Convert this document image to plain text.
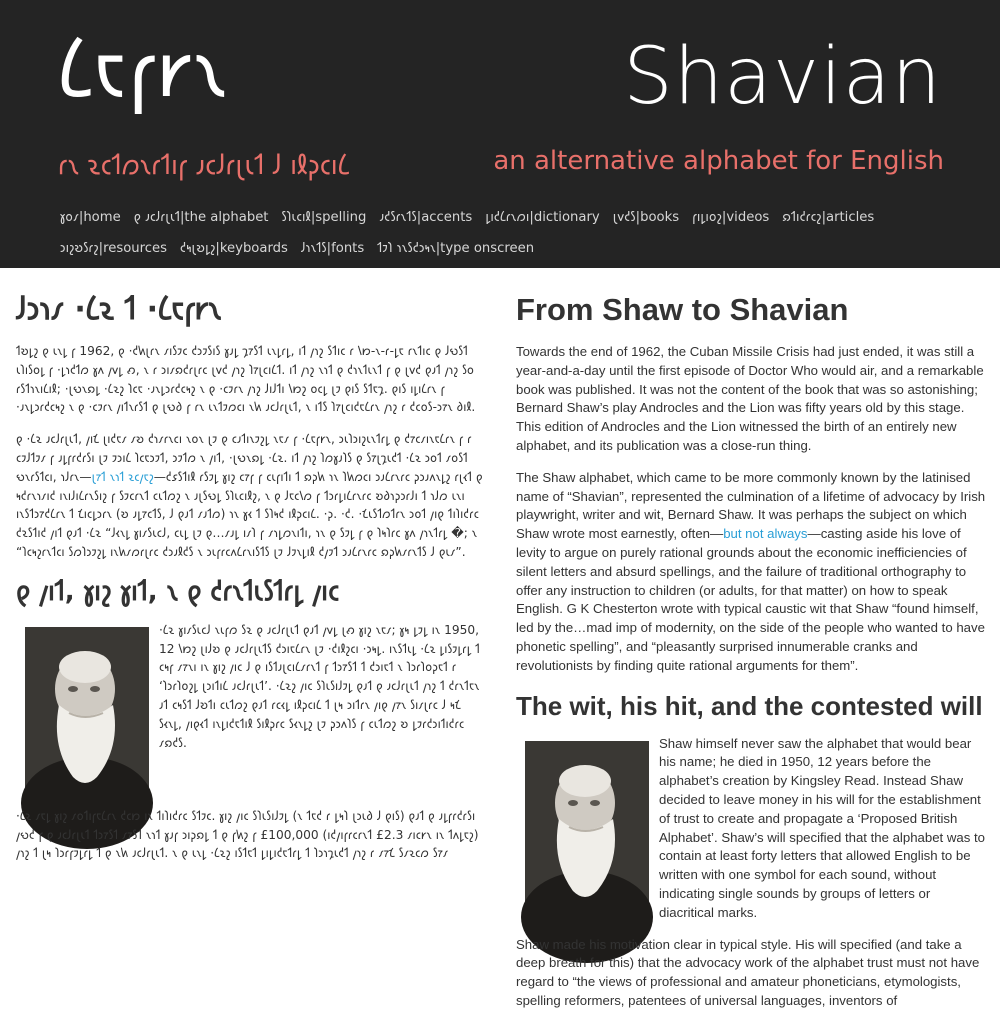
𐑖𐑱𐑝𐑾𐑯	Shavian
𐑩𐑯 𐑷𐑤𐑑𐑼𐑯𐑩𐑑𐑦𐑝 𐑨𐑤𐑓𐑩𐑚𐑧𐑑 𐑓 𐑦𐑙𐑜𐑤𐑦𐑖	an alternative alphabet for English
𐑣𐑴𐑥|home 𐑞 𐑨𐑤𐑓𐑩𐑚𐑧𐑑|the alphabet 𐑕𐑐𐑧𐑤𐑦𐑙|spelling 𐑨𐑒𐑕𐑩𐑯𐑑𐑕|accents 𐑛𐑦𐑒𐑖𐑩𐑯𐑼𐑦|dictionary 𐑚𐑫𐑒𐑕|books 𐑝𐑦𐑛𐑦𐑴𐑟|videos 𐑸𐑑𐑦𐑒𐑩𐑤𐑟|articles
𐑮𐑦𐑟𐑹𐑕𐑩𐑟|resources 𐑒𐑰𐑚𐑹𐑛𐑟|keyboards 𐑓𐑪𐑯𐑑𐑕|fonts 𐑑𐑲𐑐 𐑪𐑯𐑕𐑒𐑮𐑰𐑯|type onscreen
𐑓𐑮𐑪𐑥 ·𐑖𐑷 𐑑 ·𐑖𐑱𐑝𐑾𐑯

𐑑𐑹𐑛𐑟 𐑞 𐑧𐑯𐑛 𐑝 1962, 𐑞 ·𐑒𐑿𐑚𐑩𐑯 𐑥𐑦𐑕𐑲𐑤 𐑒𐑮𐑲𐑕𐑦𐑕 𐑣𐑨𐑛 𐑡𐑳𐑕𐑑 𐑧𐑯𐑛𐑩𐑛, 𐑦𐑑 𐑢𐑪𐑟 𐑕𐑑𐑦𐑤 𐑩 𐑘𐑽-𐑯-𐑩-𐑛𐑱 𐑩𐑯𐑑𐑦𐑤 𐑞 𐑓𐑻𐑕𐑑 𐑧𐑐𐑦𐑕𐑴𐑛 𐑝 ·𐑛𐑪𐑒𐑑𐑼 𐑣𐑵 𐑢𐑫𐑛 𐑺, 𐑯 𐑩 𐑮𐑦𐑥𐑸𐑒𐑩𐑚𐑩𐑤 𐑚𐑫𐑒 𐑢𐑪𐑟 𐑐𐑳𐑚𐑤𐑦𐑖𐑑. 𐑦𐑑 𐑢𐑪𐑟 𐑯𐑪𐑑 𐑞 𐑒𐑪𐑯𐑑𐑧𐑯𐑑 𐑝 𐑞 𐑚𐑫𐑒 𐑞𐑨𐑑 𐑢𐑪𐑟 𐑕𐑴 𐑩𐑕𐑑𐑪𐑯𐑦𐑖𐑦𐑙; ·𐑚𐑻𐑯𐑸𐑛 ·𐑖𐑷𐑟 𐑐𐑤𐑱 ·𐑨𐑯𐑛𐑮𐑩𐑒𐑤𐑰𐑟 𐑯 𐑞 ·𐑤𐑲𐑩𐑯 𐑢𐑪𐑟 𐑓𐑦𐑓𐑑𐑦 𐑘𐑽𐑟 𐑴𐑤𐑛 𐑚𐑲 𐑞𐑦𐑕 𐑕𐑑𐑱𐑡. 𐑞𐑦𐑕 𐑦𐑛𐑦𐑖𐑩𐑯 𐑝 ·𐑨𐑯𐑛𐑮𐑩𐑒𐑤𐑰𐑟 𐑯 𐑞 ·𐑤𐑲𐑩𐑯 𐑢𐑦𐑑𐑯𐑩𐑕𐑑 𐑞 𐑚𐑻𐑔 𐑝 𐑩𐑯 𐑧𐑯𐑑𐑲𐑼𐑤𐑦 𐑯𐑿 𐑨𐑤𐑓𐑩𐑚𐑧𐑑, 𐑯 𐑦𐑑𐑕 𐑐𐑳𐑚𐑤𐑦𐑒𐑱𐑖𐑩𐑯 𐑢𐑪𐑟 𐑩 𐑒𐑤𐑴𐑕-𐑮𐑳𐑯 𐑔𐑦𐑙.

𐑞 ·𐑖𐑷 𐑨𐑤𐑓𐑩𐑚𐑧𐑑, 𐑢𐑦𐑗 𐑚𐑦𐑒𐑱𐑥 𐑥𐑹 𐑒𐑪𐑥𐑩𐑯𐑤𐑦 𐑯𐑴𐑯 𐑚𐑲 𐑞 𐑤𐑨𐑑𐑦𐑯𐑲𐑟𐑛 𐑯𐑱𐑥 𐑝 ·𐑖𐑱𐑝𐑾𐑯, 𐑮𐑧𐑐𐑮𐑦𐑟𐑧𐑯𐑑𐑩𐑛 𐑞 𐑒𐑳𐑤𐑥𐑦𐑯𐑱𐑖𐑩𐑯 𐑝 𐑩 𐑤𐑲𐑓𐑑𐑲𐑥 𐑝 𐑨𐑛𐑝𐑩𐑒𐑩𐑕𐑦 𐑚𐑲 𐑲𐑮𐑦𐑖 𐑐𐑤𐑱𐑮𐑲𐑑, 𐑮𐑲𐑑𐑼 𐑯 𐑢𐑦𐑑, ·𐑚𐑻𐑯𐑸𐑛 ·𐑖𐑷. 𐑦𐑑 𐑢𐑪𐑟 𐑐𐑼𐑣𐑨𐑐𐑕 𐑞 𐑕𐑳𐑚𐑡𐑧𐑒𐑑 ·𐑖𐑷 𐑮𐑴𐑑 𐑥𐑴𐑕𐑑 𐑻𐑯𐑩𐑕𐑑𐑤𐑦, 𐑪𐑓𐑩𐑯—𐑚𐑳𐑑 𐑯𐑪𐑑 𐑷𐑤𐑢𐑱𐑟—𐑒𐑭𐑕𐑑𐑦𐑙 𐑩𐑕𐑲𐑛 𐑣𐑦𐑟 𐑤𐑳𐑝 𐑝 𐑤𐑧𐑝𐑦𐑑𐑦 𐑑 𐑸𐑜𐑿 𐑪𐑯 𐑐𐑿𐑼𐑤𐑦 𐑮𐑨𐑖𐑩𐑯𐑩𐑤 𐑜𐑮𐑨𐑵𐑯𐑛𐑟 𐑩𐑚𐑬𐑑 𐑞 𐑰𐑒𐑩𐑯𐑪𐑥𐑦𐑒 𐑦𐑯𐑦𐑓𐑦𐑖𐑩𐑯𐑕𐑦𐑟 𐑝 𐑕𐑲𐑤𐑩𐑯𐑑 𐑤𐑧𐑑𐑼𐑟 𐑯 𐑨𐑚𐑕𐑻𐑛 𐑕𐑐𐑧𐑤𐑦𐑙𐑟, 𐑯 𐑞 𐑓𐑱𐑤𐑘𐑼 𐑝 𐑑𐑮𐑩𐑛𐑦𐑖𐑩𐑯𐑩𐑤 𐑹𐑔𐑪𐑜𐑮𐑩𐑓𐑦 𐑑 𐑪𐑓𐑼 𐑧𐑯𐑦 𐑦𐑯𐑕𐑑𐑮𐑳𐑒𐑖𐑩𐑯 𐑑 𐑗𐑦𐑤𐑛𐑮𐑩𐑯 (𐑹 𐑨𐑛𐑳𐑤𐑑𐑕, 𐑓 𐑞𐑨𐑑 𐑥𐑨𐑑𐑼) 𐑪𐑯 𐑣𐑬 𐑑 𐑕𐑐𐑰𐑒 𐑦𐑙𐑜𐑤𐑦𐑖. ·𐑜. ·𐑒. ·𐑗𐑧𐑕𐑑𐑼𐑑𐑩𐑯 𐑮𐑴𐑑 𐑢𐑦𐑞 𐑑𐑦𐑐𐑦𐑒𐑩𐑤 𐑒𐑷𐑕𐑑𐑦𐑒 𐑢𐑦𐑑 𐑞𐑨𐑑 ·𐑖𐑷 “𐑓𐑬𐑯𐑛 𐑣𐑦𐑥𐑕𐑧𐑤𐑓, 𐑤𐑧𐑛 𐑚𐑲 𐑞…𐑥𐑨𐑛 𐑦𐑥𐑐 𐑝 𐑥𐑪𐑛𐑼𐑯𐑦𐑑𐑦, 𐑪𐑯 𐑞 𐑕𐑲𐑛 𐑝 𐑞 𐑐𐑰𐑐𐑩𐑤 𐑣𐑵 𐑢𐑪𐑯𐑑𐑩𐑛 �; 𐑯 “𐑐𐑤𐑰𐑟𐑩𐑯𐑑𐑤𐑦 𐑕𐑼𐑐𐑮𐑲𐑟𐑛 𐑦𐑯𐑿𐑥𐑼𐑩𐑚𐑩𐑤 𐑒𐑮𐑨𐑙𐑒𐑕 𐑯 𐑮𐑧𐑝𐑩𐑤𐑵𐑖𐑩𐑯𐑦𐑕𐑑𐑕 𐑚𐑲 𐑓𐑲𐑯𐑛𐑦𐑙 𐑒𐑢𐑲𐑑 𐑮𐑨𐑖𐑩𐑯𐑩𐑤 𐑸𐑜𐑿𐑥𐑩𐑯𐑑𐑕 𐑓 𐑞𐑧𐑥”.

𐑞 𐑢𐑦𐑑, 𐑣𐑦𐑟 𐑣𐑦𐑑, 𐑯 𐑞 𐑒𐑩𐑯𐑑𐑧𐑕𐑑𐑩𐑛 𐑢𐑦𐑤

·𐑖𐑷 𐑣𐑦𐑥𐑕𐑧𐑤𐑓 𐑯𐑧𐑝𐑼 𐑕𐑷 𐑞 𐑨𐑤𐑓𐑩𐑚𐑧𐑑 𐑞𐑨𐑑 𐑢𐑫𐑛 𐑚𐑺 𐑣𐑦𐑟 𐑯𐑱𐑥; 𐑣𐑰 𐑛𐑲𐑛 𐑦𐑯 1950, 12 𐑘𐑽𐑟 𐑚𐑦𐑓𐑹 𐑞 𐑨𐑤𐑓𐑩𐑚𐑧𐑑𐑕 𐑒𐑮𐑦𐑱𐑖𐑩𐑯 𐑚𐑲 ·𐑒𐑦𐑙𐑟𐑤𐑦 ·𐑮𐑰𐑛. 𐑦𐑯𐑕𐑑𐑧𐑛 ·𐑖𐑷 𐑛𐑦𐑕𐑲𐑛𐑩𐑛 𐑑 𐑤𐑰𐑝 𐑥𐑳𐑯𐑦 𐑦𐑯 𐑣𐑦𐑟 𐑢𐑦𐑤 𐑓 𐑞 𐑦𐑕𐑑𐑨𐑚𐑤𐑦𐑖𐑥𐑩𐑯𐑑 𐑝 𐑑𐑮𐑳𐑕𐑑 𐑑 𐑒𐑮𐑦𐑱𐑑 𐑯 𐑐𐑮𐑩𐑐𐑴𐑜𐑱𐑑 𐑩 ‘𐑐𐑮𐑩𐑐𐑴𐑟𐑛 𐑚𐑮𐑦𐑑𐑦𐑖 𐑨𐑤𐑓𐑩𐑚𐑧𐑑’. ·𐑖𐑷𐑟 𐑢𐑦𐑤 𐑕𐑐𐑧𐑕𐑦𐑓𐑲𐑛 𐑞𐑨𐑑 𐑞 𐑨𐑤𐑓𐑩𐑚𐑧𐑑 𐑢𐑪𐑟 𐑑 𐑒𐑩𐑯𐑑𐑱𐑯 𐑨𐑑 𐑤𐑰𐑕𐑑 𐑓𐑹𐑑𐑦 𐑤𐑧𐑑𐑼𐑟 𐑞𐑨𐑑 𐑩𐑤𐑬𐑛 𐑦𐑙𐑜𐑤𐑦𐑖 𐑑 𐑚𐑰 𐑮𐑦𐑑𐑩𐑯 𐑢𐑦𐑞 𐑢𐑳𐑯 𐑕𐑦𐑥𐑚𐑩𐑤 𐑓 𐑰𐑗 𐑕𐑬𐑯𐑛, 𐑢𐑦𐑞𐑬𐑑 𐑦𐑯𐑛𐑦𐑒𐑱𐑑𐑦𐑙 𐑕𐑦𐑙𐑜𐑩𐑤 𐑕𐑬𐑯𐑛𐑟 𐑚𐑲 𐑜𐑮𐑵𐑐𐑕 𐑝 𐑤𐑧𐑑𐑼𐑟 𐑹 𐑛𐑲𐑩𐑒𐑮𐑦𐑑𐑦𐑒𐑩𐑤 𐑥𐑸𐑒𐑕.

·𐑖𐑷 𐑥𐑱𐑛 𐑣𐑦𐑟 𐑥𐑴𐑑𐑦𐑝𐑱𐑖𐑩𐑯 𐑒𐑤𐑽 𐑦𐑯 𐑑𐑦𐑐𐑦𐑒𐑩𐑤 𐑕𐑑𐑲𐑤. 𐑣𐑦𐑟 𐑢𐑦𐑤 𐑕𐑐𐑧𐑕𐑦𐑓𐑲𐑛 (𐑯 𐑑𐑱𐑒 𐑩 𐑛𐑰𐑐 𐑚𐑮𐑧𐑔 𐑓 𐑞𐑦𐑕) 𐑞𐑨𐑑 𐑞 𐑨𐑛𐑝𐑩𐑒𐑩𐑕𐑦 𐑢𐑻𐑒 𐑝 𐑞 𐑨𐑤𐑓𐑩𐑚𐑧𐑑 𐑑𐑮𐑳𐑕𐑑 𐑥𐑳𐑕𐑑 𐑯𐑪𐑑 𐑣𐑨𐑝 𐑮𐑦𐑜𐑸𐑛 𐑑 𐑞 𐑝𐑿𐑟 𐑝 £100,000 (𐑦𐑒𐑢𐑦𐑝𐑩𐑤𐑩𐑯𐑑 £2.3 𐑥𐑦𐑤𐑾𐑯 𐑦𐑯 𐑑𐑵𐑛𐑱𐑟) 𐑢𐑪𐑟 𐑑 𐑚𐑰 𐑐𐑮𐑩𐑝𐑲𐑛𐑩𐑛 𐑑 𐑞 𐑯𐑿 𐑨𐑤𐑓𐑩𐑚𐑧𐑑. 𐑯 𐑞 𐑧𐑯𐑛 ·𐑖𐑷𐑟 𐑦𐑕𐑑𐑱𐑑 𐑛𐑦𐑛𐑦𐑒𐑱𐑑𐑩𐑛 𐑑 𐑐𐑮𐑪𐑡𐑧𐑒𐑑 𐑢𐑪𐑟 𐑩 𐑥𐑳𐑗 𐑕𐑥𐑷𐑤𐑼 𐑕𐑳𐑥

From Shaw to Shavian

Towards the end of 1962, the Cuban Missile Crisis had just ended, it was still a year-and-a-day until the first episode of Doctor Who would air, and a remarkable book was published. It was not the content of the book that was so astonishing; Bernard Shaw’s play Androcles and the Lion was fifty years old by this stage. This edition of Androcles and the Lion witnessed the birth of an entirely new alphabet, and its publication was a close-run thing.

The Shaw alphabet, which came to be more commonly known by the latinised name of “Shavian”, represented the culmination of a lifetime of advocacy by Irish playwright, writer and wit, Bernard Shaw. It was perhaps the subject on which Shaw wrote most earnestly, often—but not always—casting aside his love of levity to argue on purely rational grounds about the economic inefficiencies of silent letters and absurd spellings, and the failure of traditional orthography to offer any instruction to children (or adults, for that matter) on how to speak English. G K Chesterton wrote with typical caustic wit that Shaw “found himself, led by the…mad imp of modernity, on the side of the people who wanted to have phonetic spelling”, and “pleasantly surprised innumerable cranks and revolutionists by finding quite rational arguments for them”.

The wit, his hit, and the contested will

Shaw himself never saw the alphabet that would bear his name; he died in 1950, 12 years before the alphabet’s creation by Kingsley Read. Instead Shaw decided to leave money in his will for the establishment of trust to create and propagate a ‘Proposed British Alphabet’. Shaw’s will specified that the alphabet was to contain at least forty letters that allowed English to be written with one symbol for each sound, without indicating single sounds by groups of letters or diacritical marks.

Shaw made his motivation clear in typical style. His will specified (and take a deep breath for this) that the advocacy work of the alphabet trust must not have regard to “the views of professional and amateur phoneticians, etymologists, spelling reformers, patentees of universal languages, inventors of
